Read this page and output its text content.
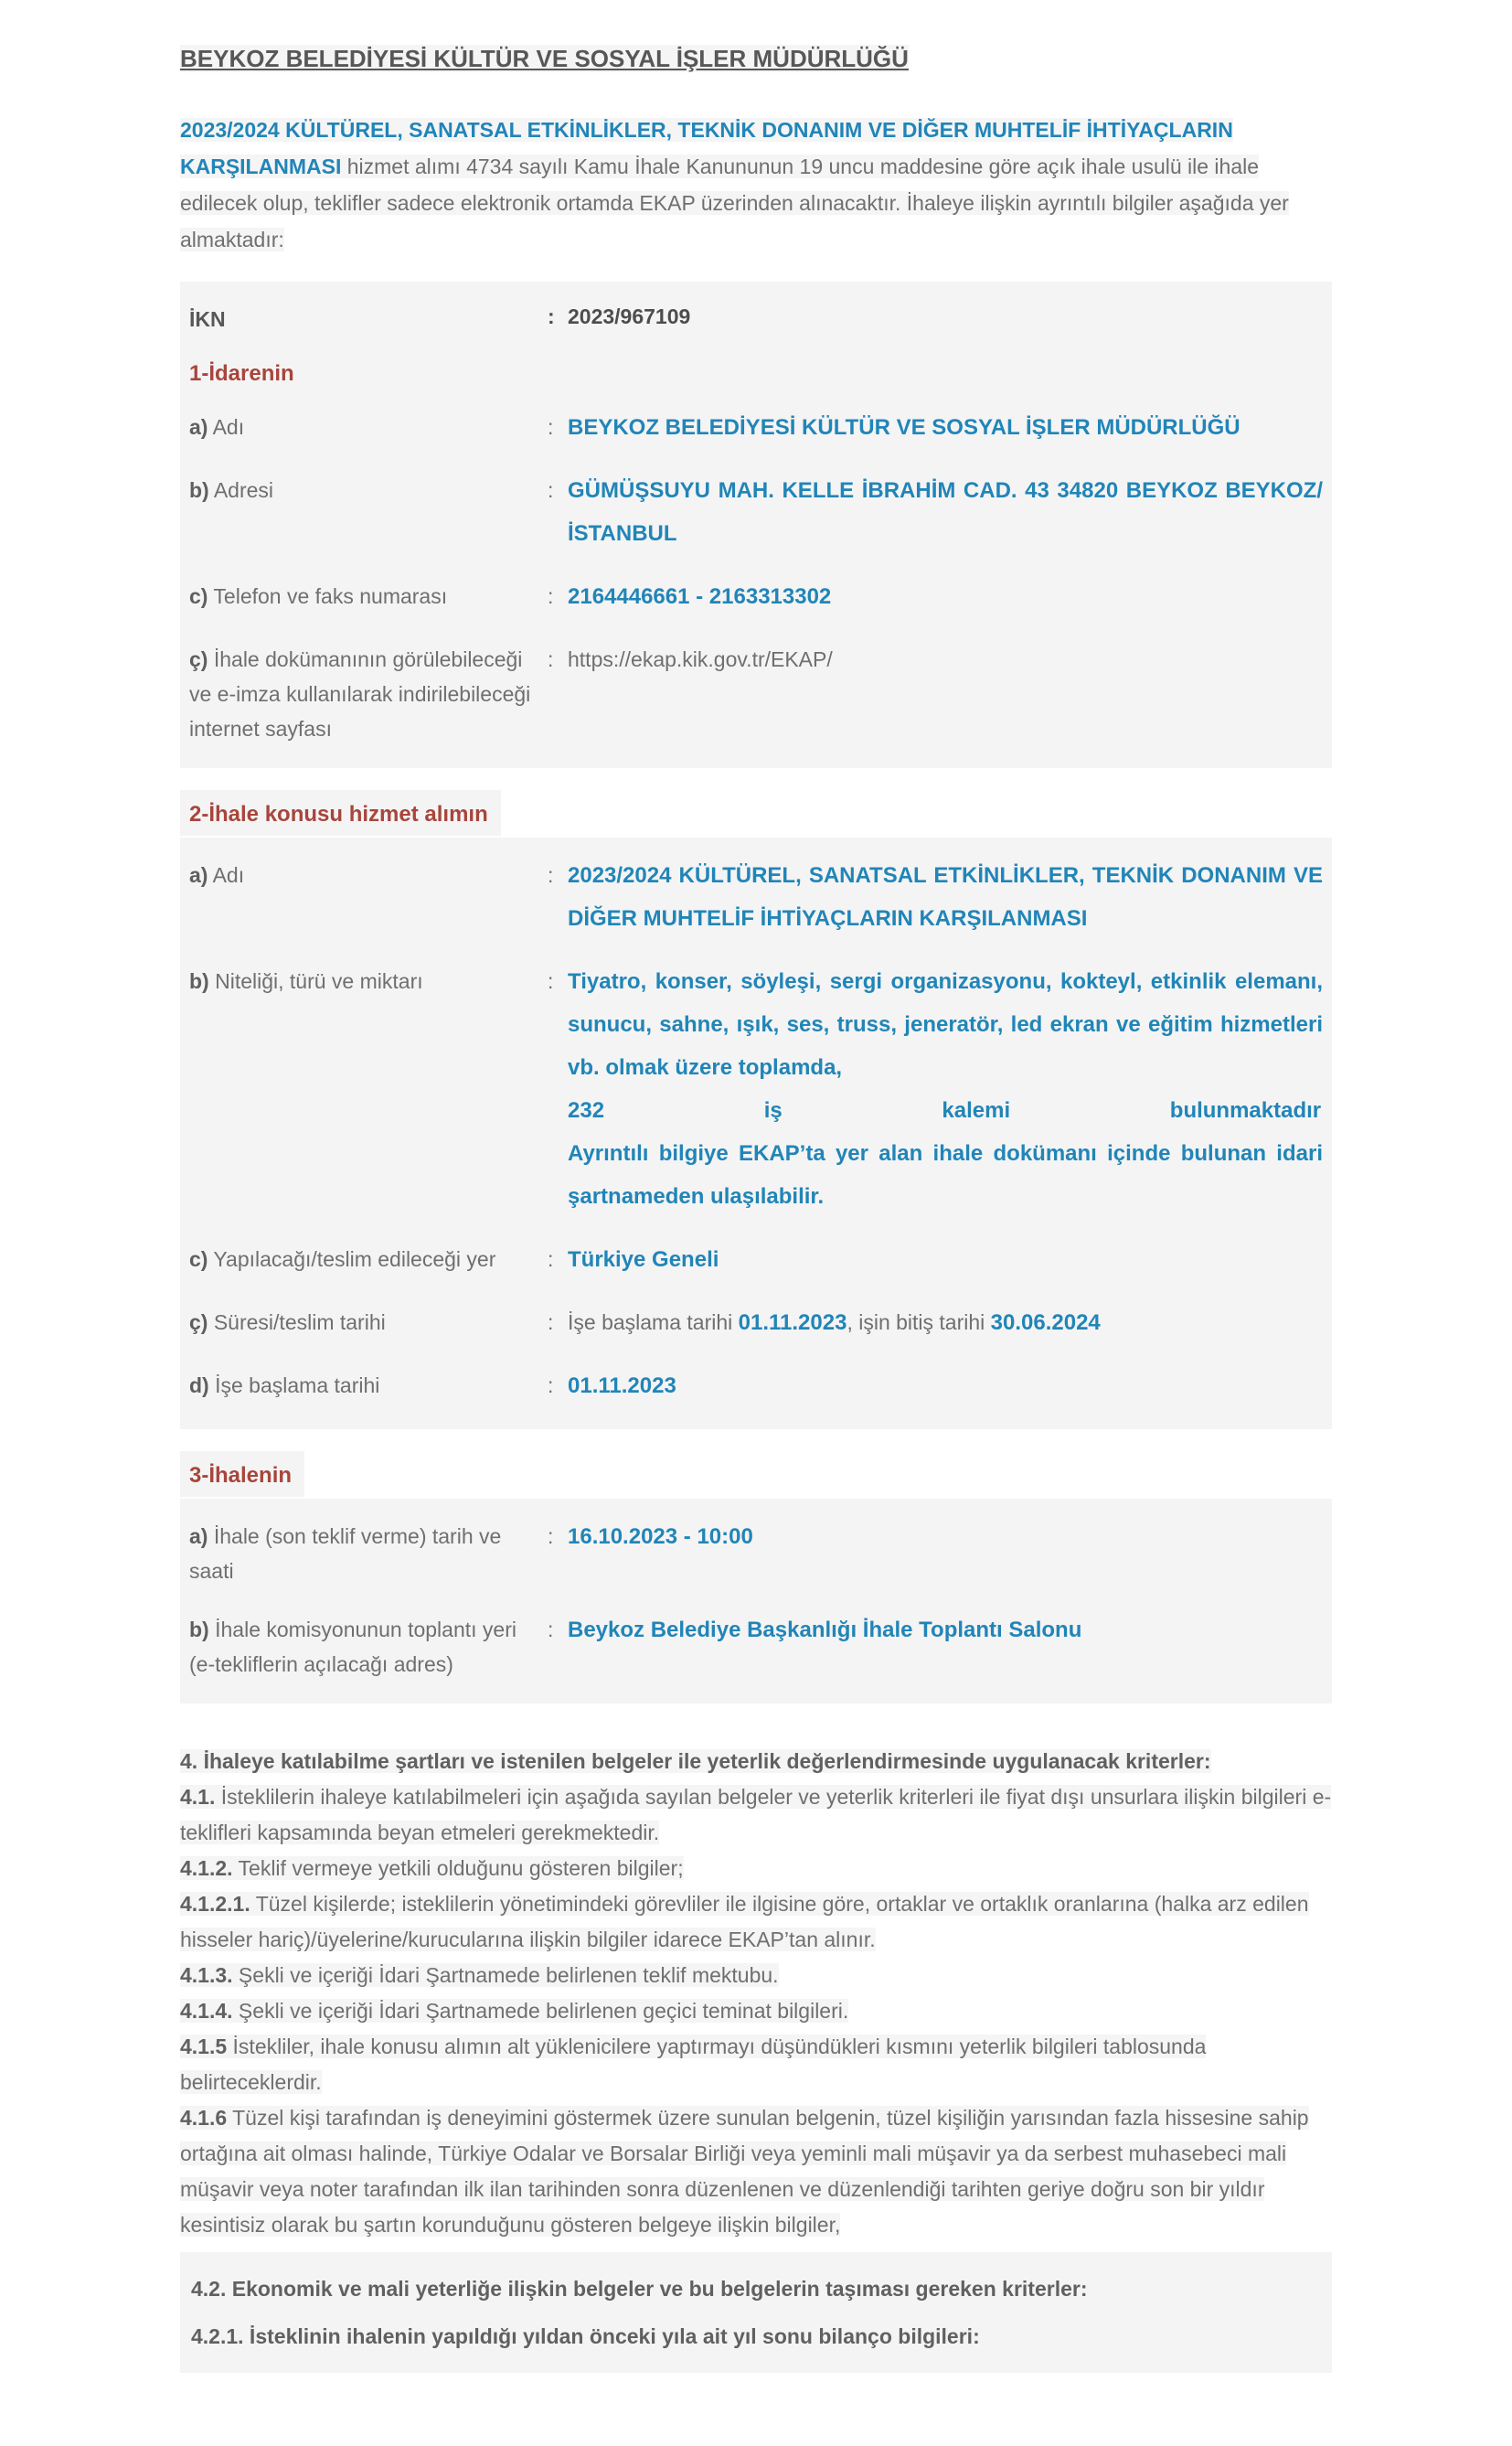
BEYKOZ BELEDİYESİ KÜLTÜR VE SOSYAL İŞLER MÜDÜRLÜĞÜ

2023/2024 KÜLTÜREL, SANATSAL ETKİNLİKLER, TEKNİK DONANIM VE DİĞER MUHTELİF İHTİYAÇLARIN KARŞILANMASI hizmet alımı 4734 sayılı Kamu İhale Kanununun 19 uncu maddesine göre açık ihale usulü ile ihale edilecek olup, teklifler sadece elektronik ortamda EKAP üzerinden alınacaktır. İhaleye ilişkin ayrıntılı bilgiler aşağıda yer almaktadır:

İKN	: 2023/967109
1-İdarenin
a) Adı	: BEYKOZ BELEDİYESİ KÜLTÜR VE SOSYAL İŞLER MÜDÜRLÜĞÜ
b) Adresi	: GÜMÜŞSUYU MAH. KELLE İBRAHİM CAD. 43 34820 BEYKOZ BEYKOZ/İSTANBUL
c) Telefon ve faks numarası	: 2164446661 - 2163313302
ç) İhale dokümanının görülebileceği ve e-imza kullanılarak indirilebileceği internet sayfası
: https://ekap.kik.gov.tr/EKAP/
2-İhale konusu hizmet alımın
a) Adı	: 2023/2024 KÜLTÜREL, SANATSAL ETKİNLİKLER, TEKNİK DONANIM VE DİĞER MUHTELİF İHTİYAÇLARIN KARŞILANMASI
b) Niteliği, türü ve miktarı	: Tiyatro, konser, söyleşi, sergi organizasyonu, kokteyl, etkinlik elemanı, sunucu, sahne, ışık, ses, truss, jeneratör, led ekran ve eğitim hizmetleri vb. olmak üzere toplamda,
232 iş kalemi bulunmaktadır
Ayrıntılı bilgiye EKAP’ta yer alan ihale dokümanı içinde bulunan idari şartnameden ulaşılabilir.
c) Yapılacağı/teslim edileceği yer	: Türkiye Geneli
ç) Süresi/teslim tarihi	: İşe başlama tarihi 01.11.2023, işin bitiş tarihi 30.06.2024
d) İşe başlama tarihi	: 01.11.2023
3-İhalenin
a) İhale (son teklif verme) tarih ve saati
: 16.10.2023 - 10:00
b) İhale komisyonunun toplantı yeri (e-tekliflerin açılacağı adres)
: Beykoz Belediye Başkanlığı İhale Toplantı Salonu

4. İhaleye katılabilme şartları ve istenilen belgeler ile yeterlik değerlendirmesinde uygulanacak kriterler:

4.1. İsteklilerin ihaleye katılabilmeleri için aşağıda sayılan belgeler ve yeterlik kriterleri ile fiyat dışı unsurlara ilişkin bilgileri e-teklifleri kapsamında beyan etmeleri gerekmektedir.

4.1.2. Teklif vermeye yetkili olduğunu gösteren bilgiler;

4.1.2.1. Tüzel kişilerde; isteklilerin yönetimindeki görevliler ile ilgisine göre, ortaklar ve ortaklık oranlarına (halka arz edilen hisseler hariç)/üyelerine/kurucularına ilişkin bilgiler idarece EKAP’tan alınır.

4.1.3. Şekli ve içeriği İdari Şartnamede belirlenen teklif mektubu.

4.1.4. Şekli ve içeriği İdari Şartnamede belirlenen geçici teminat bilgileri.

4.1.5 İstekliler, ihale konusu alımın alt yüklenicilere yaptırmayı düşündükleri kısmını yeterlik bilgileri tablosunda belirteceklerdir.

4.1.6 Tüzel kişi tarafından iş deneyimini göstermek üzere sunulan belgenin, tüzel kişiliğin yarısından fazla hissesine sahip ortağına ait olması halinde, Türkiye Odalar ve Borsalar Birliği veya yeminli mali müşavir ya da serbest muhasebeci mali müşavir veya noter tarafından ilk ilan tarihinden sonra düzenlenen ve düzenlendiği tarihten geriye doğru son bir yıldır kesintisiz olarak bu şartın korunduğunu gösteren belgeye ilişkin bilgiler,

4.2. Ekonomik ve mali yeterliğe ilişkin belgeler ve bu belgelerin taşıması gereken kriterler:

4.2.1. İsteklinin ihalenin yapıldığı yıldan önceki yıla ait yıl sonu bilanço bilgileri:
